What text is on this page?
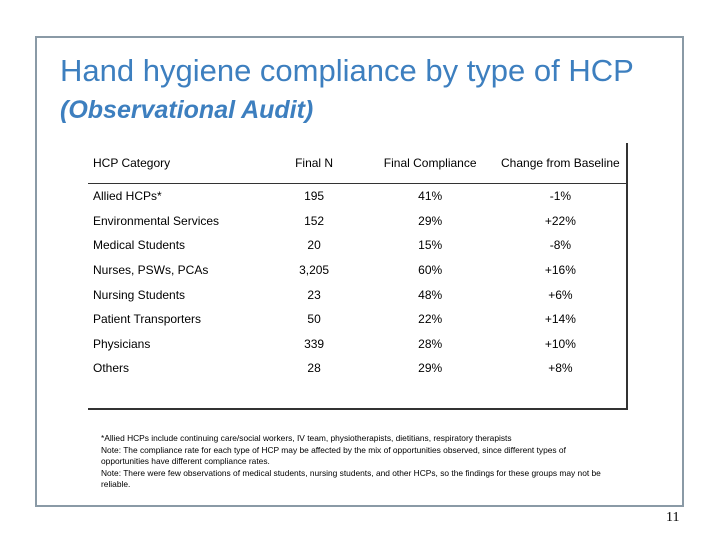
Hand hygiene compliance by type of HCP (Observational Audit)
HCP Category	Final N	Final Compliance	Change from Baseline
Allied HCPs*	195	41%	-1%
Environmental Services	152	29%	+22%
Medical Students	20	15%	-8%
Nurses, PSWs, PCAs	3,205	60%	+16%
Nursing Students	23	48%	+6%
Patient Transporters	50	22%	+14%
Physicians	339	28%	+10%
Others	28	29%	+8%

*Allied HCPs include continuing care/social workers, IV team, physiotherapists, dietitians, respiratory therapists

Note: The compliance rate for each type of HCP may be affected by the mix of opportunities observed, since different types of opportunities have different compliance rates.

Note: There were few observations of medical students, nursing students, and other HCPs, so the findings for these groups may not be reliable.

11
